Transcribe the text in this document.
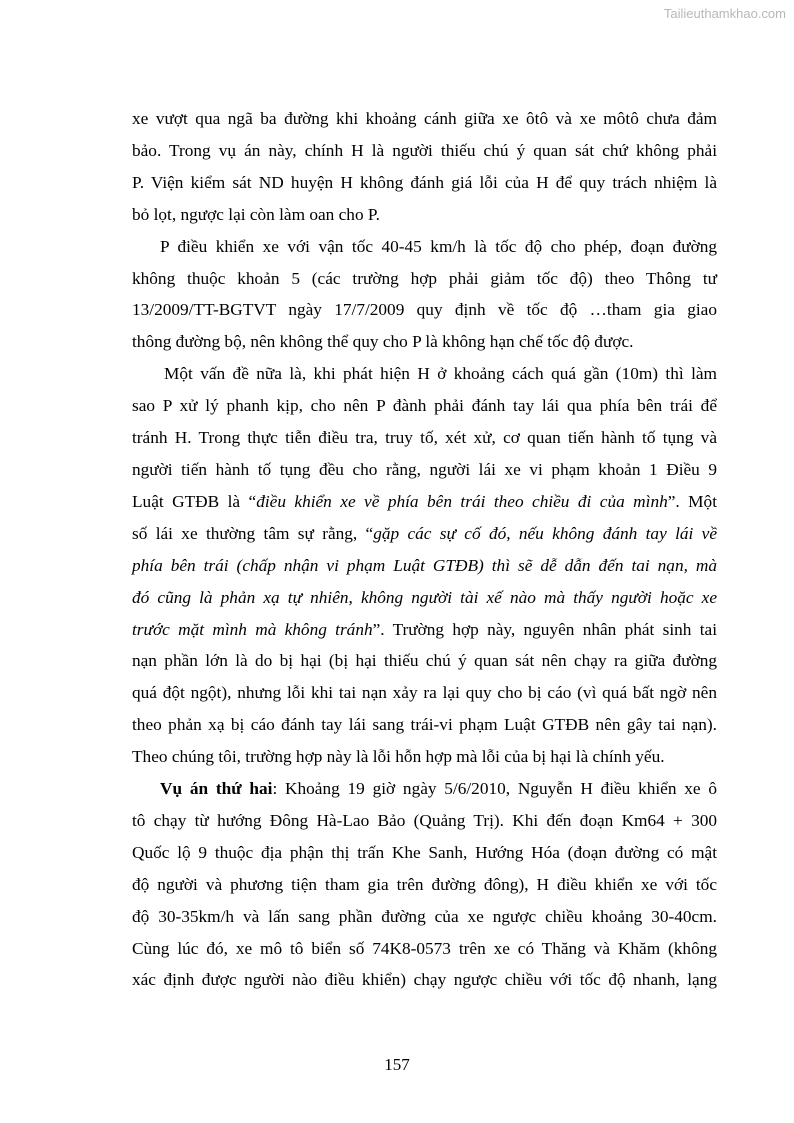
Tailieuthamkhao.com
xe vượt qua ngã ba đường khi khoảng cánh giữa xe ôtô và xe môtô chưa đảm
bảo. Trong vụ án này, chính H là người thiếu chú ý quan sát chứ không phải
P. Viện kiểm sát ND huyện H không đánh giá lỗi của H để quy trách nhiệm là
bỏ lọt, ngược lại còn làm oan cho P.
P điều khiển xe với vận tốc 40-45 km/h là tốc độ cho phép, đoạn đường
không thuộc khoản 5 (các trường hợp phải giảm tốc độ) theo Thông tư
13/2009/TT-BGTVT ngày 17/7/2009 quy định về tốc độ …tham gia giao
thông đường bộ, nên không thể quy cho P là không hạn chế tốc độ được.
Một vấn đề nữa là, khi phát hiện H ở khoảng cách quá gần (10m) thì làm
sao P xử lý phanh kịp, cho nên P đành phải đánh tay lái qua phía bên trái để
tránh H. Trong thực tiễn điều tra, truy tố, xét xử, cơ quan tiến hành tố tụng và
người tiến hành tố tụng đều cho rằng, người lái xe vi phạm khoản 1 Điều 9
Luật GTĐB là “điều khiển xe về phía bên trái theo chiều đi của mình”. Một
số lái xe thường tâm sự rằng, “gặp các sự cố đó, nếu không đánh tay lái về
phía bên trái (chấp nhận vi phạm Luật GTĐB) thì sẽ dễ dẫn đến tai nạn, mà
đó cũng là phản xạ tự nhiên, không người tài xế nào mà thấy người hoặc xe
trước mặt mình mà không tránh”. Trường hợp này, nguyên nhân phát sinh tai
nạn phần lớn là do bị hại (bị hại thiếu chú ý quan sát nên chạy ra giữa đường
quá đột ngột), nhưng lỗi khi tai nạn xảy ra lại quy cho bị cáo (vì quá bất ngờ nên
theo phản xạ bị cáo đánh tay lái sang trái-vi phạm Luật GTĐB nên gây tai nạn).
Theo chúng tôi, trường hợp này là lỗi hỗn hợp mà lỗi của bị hại là chính yếu.
Vụ án thứ hai: Khoảng 19 giờ ngày 5/6/2010, Nguyễn H điều khiển xe ô
tô chạy từ hướng Đông Hà-Lao Bảo (Quảng Trị). Khi đến đoạn Km64 + 300
Quốc lộ 9 thuộc địa phận thị trấn Khe Sanh, Hướng Hóa (đoạn đường có mật
độ người và phương tiện tham gia trên đường đông), H điều khiển xe với tốc
độ 30-35km/h và lấn sang phần đường của xe ngược chiều khoảng 30-40cm.
Cùng lúc đó, xe mô tô biển số 74K8-0573 trên xe có Thăng và Khăm (không
xác định được người nào điều khiển) chạy ngược chiều với tốc độ nhanh, lạng
157
